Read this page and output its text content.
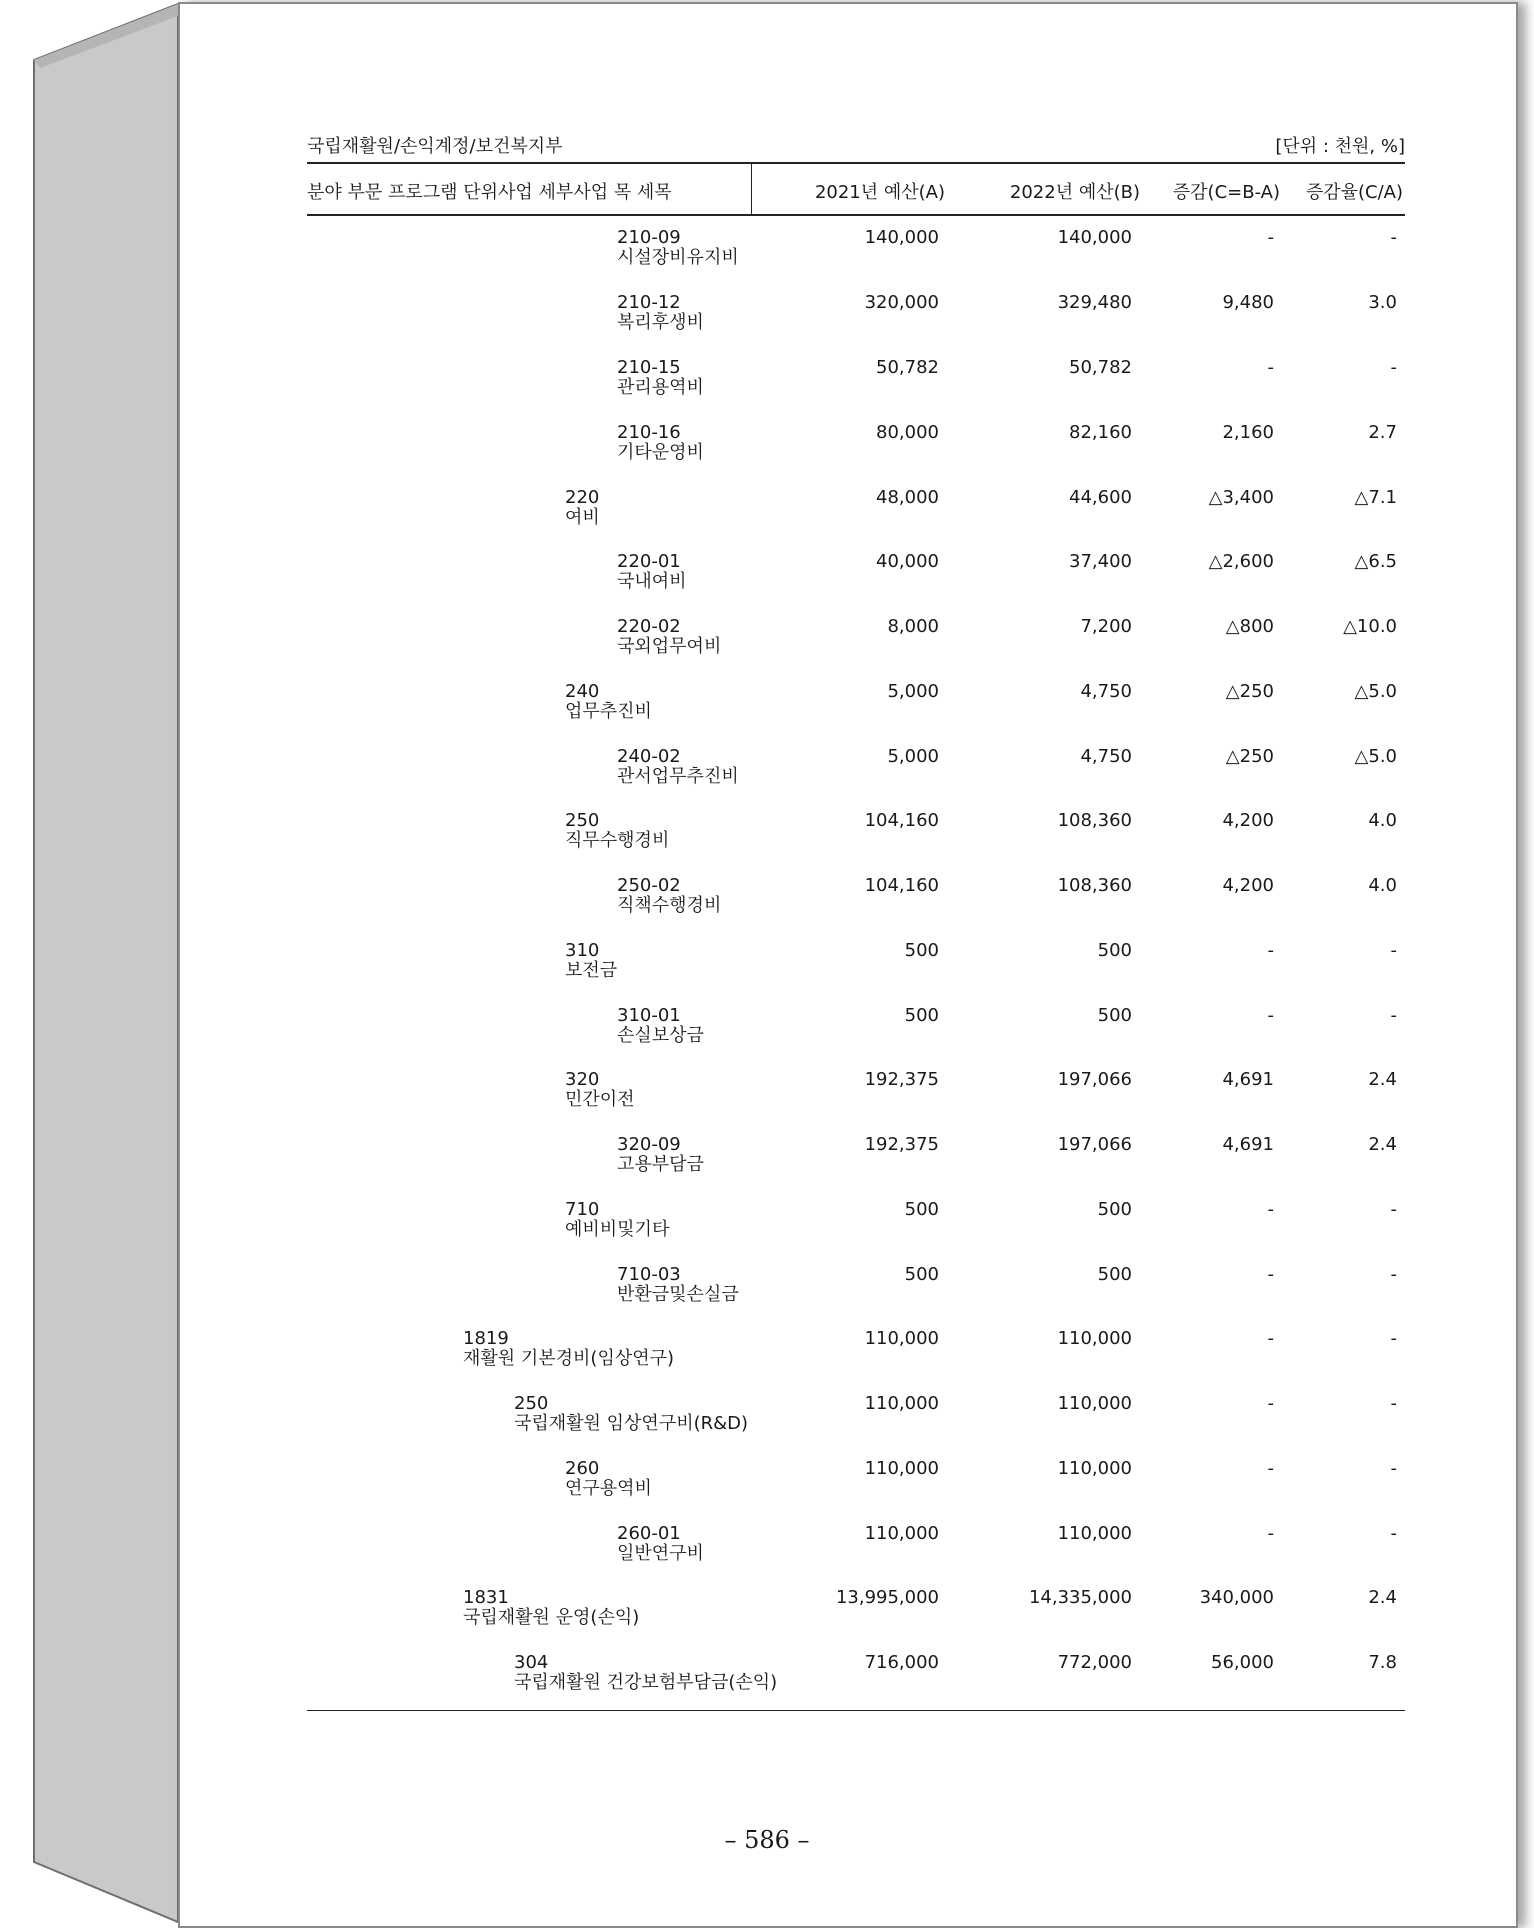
국립재활원/손익계정/보건복지부	[단위 : 천원, %]
분야 부문 프로그램 단위사업 세부사업 목 세목	2021년 예산(A)	2022년 예산(B) 증감(C=B-A) 증감율(C/A)
210-09
시설장비유지비
140,000	140,000	-	-
210-12
복리후생비
320,000	329,480	9,480	3.0
210-15
관리용역비
50,782	50,782	-	-
210-16
기타운영비
80,000	82,160	2,160	2.7
220
여비
48,000	44,600	△3,400	△7.1
220-01
국내여비
40,000	37,400	△2,600	△6.5
220-02
국외업무여비
8,000	7,200	△800	△10.0
240
업무추진비
5,000	4,750	△250	△5.0
240-02
관서업무추진비
5,000	4,750	△250	△5.0
250
직무수행경비
104,160	108,360	4,200	4.0
250-02
직책수행경비
104,160	108,360	4,200	4.0
310
보전금
500	500	-	-
310-01
손실보상금
500	500	-	-
320
민간이전
192,375	197,066	4,691	2.4
320-09
고용부담금
192,375	197,066	4,691	2.4
710
예비비및기타
500	500	-	-
710-03
반환금및손실금
500	500	-	-
1819
재활원 기본경비(임상연구)
110,000	110,000	-	-
250
국립재활원 임상연구비(R&D)
110,000	110,000	-	-
260
연구용역비
110,000	110,000	-	-
260-01
일반연구비
110,000	110,000	-	-
1831
국립재활원 운영(손익)
13,995,000	14,335,000	340,000	2.4
304
국립재활원 건강보험부담금(손익)
716,000	772,000	56,000	7.8
– 586 –
